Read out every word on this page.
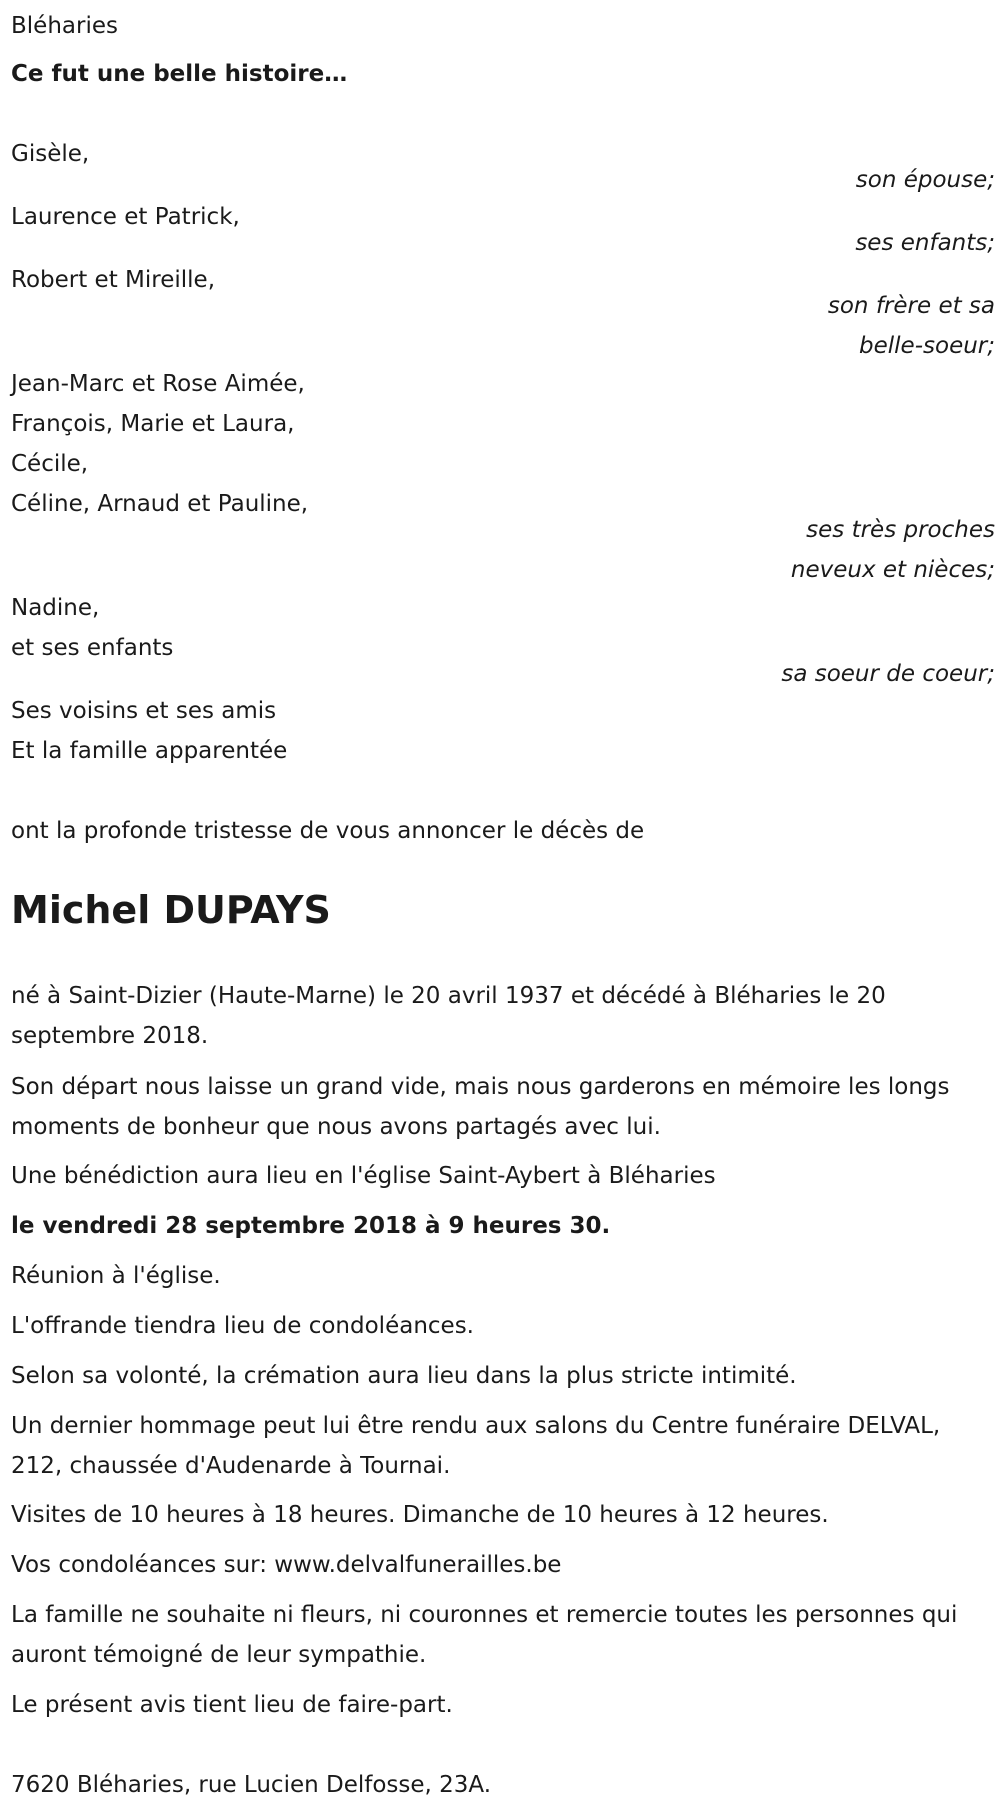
Bléharies
Ce fut une belle histoire…
Gisèle,
son épouse;
Laurence et Patrick,
ses enfants;
Robert et Mireille,
son frère et sa
belle-soeur;
Jean-Marc et Rose Aimée,
François, Marie et Laura,
Cécile,
Céline, Arnaud et Pauline,
ses très proches
neveux et nièces;
Nadine,
et ses enfants
sa soeur de coeur;
Ses voisins et ses amis
Et la famille apparentée
ont la profonde tristesse de vous annoncer le décès de
Michel DUPAYS
né à Saint-Dizier (Haute-Marne) le 20 avril 1937 et décédé à Bléharies le 20 septembre 2018.
Son départ nous laisse un grand vide, mais nous garderons en mémoire les longs moments de bonheur que nous avons partagés avec lui.
Une bénédiction aura lieu en l'église Saint-Aybert à Bléharies
le vendredi 28 septembre 2018 à 9 heures 30.
Réunion à l'église.
L'offrande tiendra lieu de condoléances.
Selon sa volonté, la crémation aura lieu dans la plus stricte intimité.
Un dernier hommage peut lui être rendu aux salons du Centre funéraire DELVAL, 212, chaussée d'Audenarde à Tournai.
Visites de 10 heures à 18 heures. Dimanche de 10 heures à 12 heures.
Vos condoléances sur: www.delvalfunerailles.be
La famille ne souhaite ni fleurs, ni couronnes et remercie toutes les personnes qui auront témoigné de leur sympathie.
Le présent avis tient lieu de faire-part.
7620 Bléharies, rue Lucien Delfosse, 23A.
